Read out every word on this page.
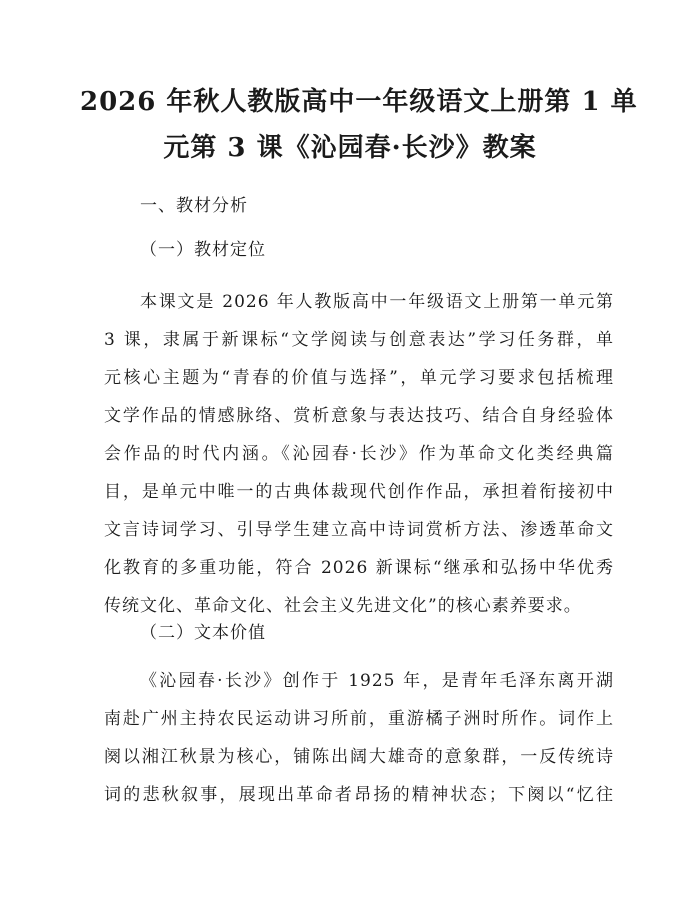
2026 年秋人教版高中一年级语文上册第 1 单
元第 3 课《沁园春·长沙》教案
一、教材分析
（一）教材定位
本课文是 2026 年人教版高中一年级语文上册第一单元第
3 课，隶属于新课标“文学阅读与创意表达”学习任务群，单
元核心主题为“青春的价值与选择”，单元学习要求包括梳理
文学作品的情感脉络、赏析意象与表达技巧、结合自身经验体
会作品的时代内涵。《沁园春·长沙》作为革命文化类经典篇
目，是单元中唯一的古典体裁现代创作作品，承担着衔接初中
文言诗词学习、引导学生建立高中诗词赏析方法、渗透革命文
化教育的多重功能，符合 2026 新课标“继承和弘扬中华优秀
传统文化、革命文化、社会主义先进文化”的核心素养要求。
（二）文本价值
《沁园春·长沙》创作于 1925 年，是青年毛泽东离开湖
南赴广州主持农民运动讲习所前，重游橘子洲时所作。词作上
阕以湘江秋景为核心，铺陈出阔大雄奇的意象群，一反传统诗
词的悲秋叙事，展现出革命者昂扬的精神状态；下阕以“忆往
